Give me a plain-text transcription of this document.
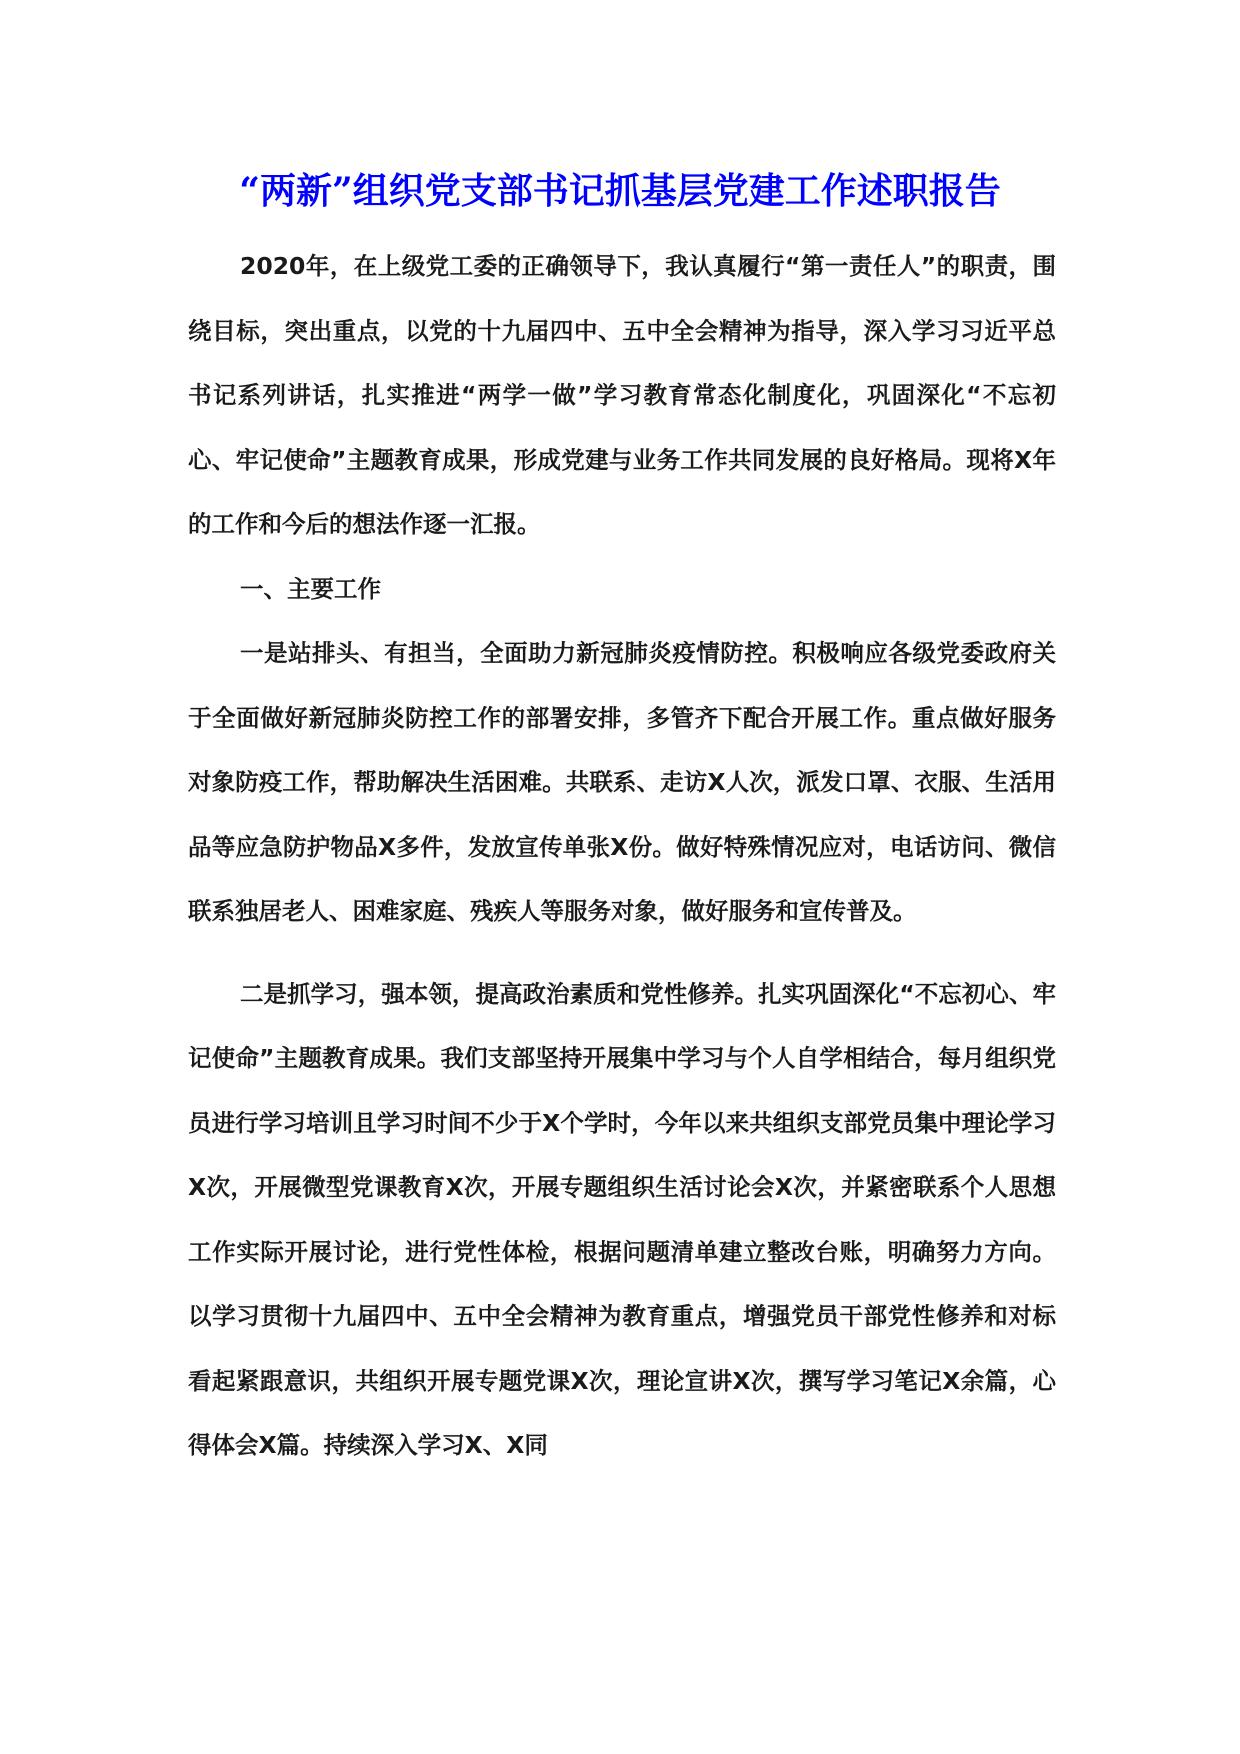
“两新”组织党支部书记抓基层党建工作述职报告

2020年，在上级党工委的正确领导下，我认真履行“第一责任人”的职责，围绕目标，突出重点，以党的十九届四中、五中全会精神为指导，深入学习习近平总书记系列讲话，扎实推进“两学一做”学习教育常态化制度化，巩固深化“不忘初心、牢记使命”主题教育成果，形成党建与业务工作共同发展的良好格局。现将X年的工作和今后的想法作逐一汇报。

一、主要工作

一是站排头、有担当，全面助力新冠肺炎疫情防控。积极响应各级党委政府关于全面做好新冠肺炎防控工作的部署安排，多管齐下配合开展工作。重点做好服务对象防疫工作，帮助解决生活困难。共联系、走访X人次，派发口罩、衣服、生活用品等应急防护物品X多件，发放宣传单张X份。做好特殊情况应对，电话访问、微信联系独居老人、困难家庭、残疾人等服务对象，做好服务和宣传普及。

二是抓学习，强本领，提高政治素质和党性修养。扎实巩固深化“不忘初心、牢记使命”主题教育成果。我们支部坚持开展集中学习与个人自学相结合，每月组织党员进行学习培训且学习时间不少于X个学时，今年以来共组织支部党员集中理论学习X次，开展微型党课教育X次，开展专题组织生活讨论会X次，并紧密联系个人思想工作实际开展讨论，进行党性体检，根据问题清单建立整改台账，明确努力方向。以学习贯彻十九届四中、五中全会精神为教育重点，增强党员干部党性修养和对标看起紧跟意识，共组织开展专题党课X次，理论宣讲X次，撰写学习笔记X余篇，心得体会X篇。持续深入学习X、X同
